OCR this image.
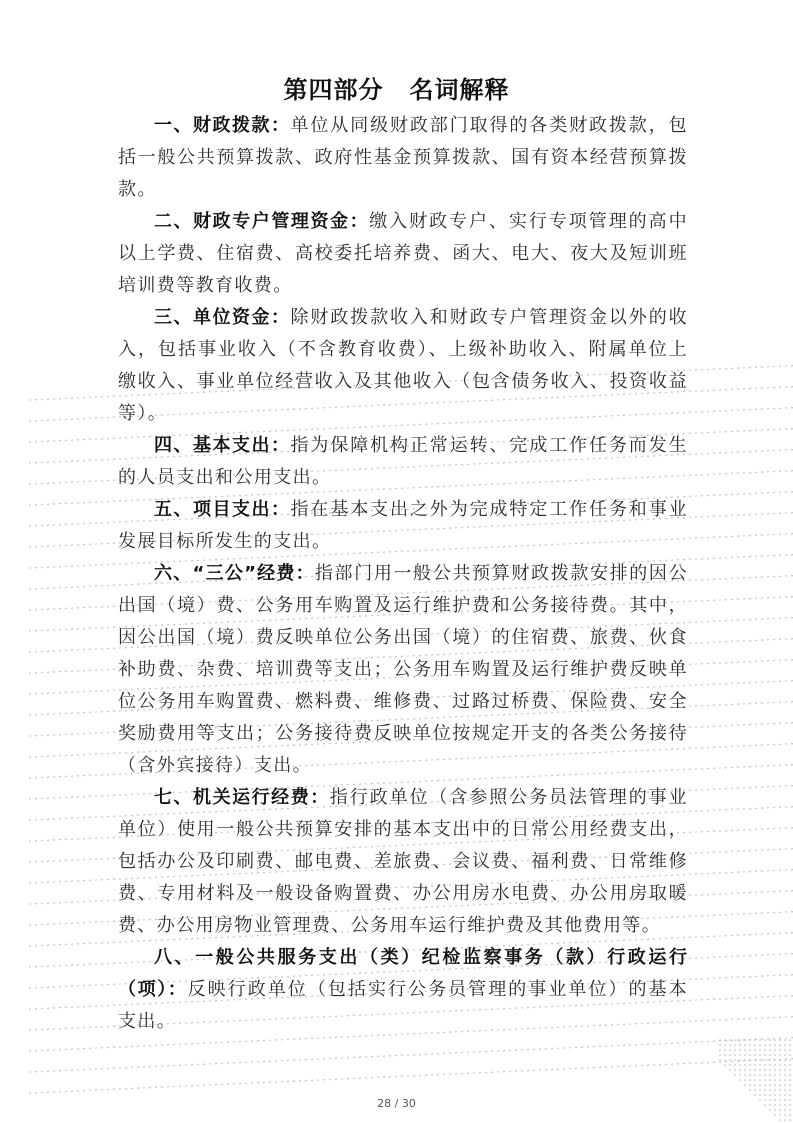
第四部分 名词解释

一、财政拨款：单位从同级财政部门取得的各类财政拨款，包括一般公共预算拨款、政府性基金预算拨款、国有资本经营预算拨款。

二、财政专户管理资金：缴入财政专户、实行专项管理的高中以上学费、住宿费、高校委托培养费、函大、电大、夜大及短训班培训费等教育收费。

三、单位资金：除财政拨款收入和财政专户管理资金以外的收入，包括事业收入（不含教育收费）、上级补助收入、附属单位上缴收入、事业单位经营收入及其他收入（包含债务收入、投资收益等）。

四、基本支出：指为保障机构正常运转、完成工作任务而发生的人员支出和公用支出。

五、项目支出：指在基本支出之外为完成特定工作任务和事业发展目标所发生的支出。

六、“三公”经费：指部门用一般公共预算财政拨款安排的因公出国（境）费、公务用车购置及运行维护费和公务接待费。其中，因公出国（境）费反映单位公务出国（境）的住宿费、旅费、伙食补助费、杂费、培训费等支出；公务用车购置及运行维护费反映单位公务用车购置费、燃料费、维修费、过路过桥费、保险费、安全奖励费用等支出；公务接待费反映单位按规定开支的各类公务接待（含外宾接待）支出。

七、机关运行经费：指行政单位（含参照公务员法管理的事业单位）使用一般公共预算安排的基本支出中的日常公用经费支出，包括办公及印刷费、邮电费、差旅费、会议费、福利费、日常维修费、专用材料及一般设备购置费、办公用房水电费、办公用房取暖费、办公用房物业管理费、公务用车运行维护费及其他费用等。

八、一般公共服务支出（类）纪检监察事务（款）行政运行（项）：反映行政单位（包括实行公务员管理的事业单位）的基本支出。

28 / 30
